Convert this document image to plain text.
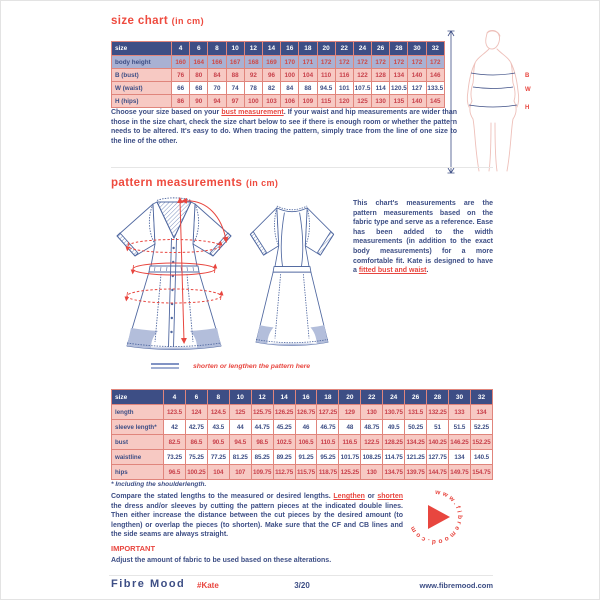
size chart (in cm)
size	4	6	8	10	12	14	16	18	20	22	24	26	28	30	32
body height	160	164	166	167	168	169	170	171	172	172	172	172	172	172	172
B (bust)	76	80	84	88	92	96	100	104	110	116	122	128	134	140	146
W (waist)	66	68	70	74	78	82	84	88	94.5	101	107.5	114	120.5	127	133.5
H (hips)	86	90	94	97	100	103	106	109	115	120	125	130	135	140	145
B
W
H
Choose your size based on your bust measurement. If your waist and hip measurements are wider than those in the size chart, check the size chart below to see if there is enough room or whether the pattern needs to be altered. It's easy to do. When tracing the pattern, simply trace from the line of one size to the line of the other.
pattern measurements (in cm)
This chart's measurements are the pattern measurements based on the fabric type and serve as a reference. Ease has been added to the width measurements (in addition to the exact body measurements) for a more comfortable fit. Kate is designed to have a fitted bust and waist.
shorten or lengthen the pattern here
size	4	6	8	10	12	14	16	18	20	22	24	26	28	30	32
length	123.5	124	124.5	125	125.75	126.25	126.75	127.25	129	130	130.75	131.5	132.25	133	134
sleeve length*	42	42.75	43.5	44	44.75	45.25	46	46.75	48	48.75	49.5	50.25	51	51.5	52.25
bust	82.5	86.5	90.5	94.5	98.5	102.5	106.5	110.5	116.5	122.5	128.25	134.25	140.25	146.25	152.25
waistline	73.25	75.25	77.25	81.25	85.25	89.25	91.25	95.25	101.75	108.25	114.75	121.25	127.75	134	140.5
hips	96.5	100.25	104	107	109.75	112.75	115.75	118.75	125.25	130	134.75	139.75	144.75	149.75	154.75
* Including the shoulderlength.
Compare the stated lengths to the measured or desired lengths. Lengthen or shorten the dress and/or sleeves by cutting the pattern pieces at the indicated double lines. Then either increase the distance between the cut pieces by the desired amount (to lengthen) or overlap the pieces (to shorten). Make sure that the CF and CB lines and the side seams are always straight.
www.fibremood.com
IMPORTANT
Adjust the amount of fabric to be used based on these alterations.
Fibre Mood #Kate	3/20	www.fibremood.com
